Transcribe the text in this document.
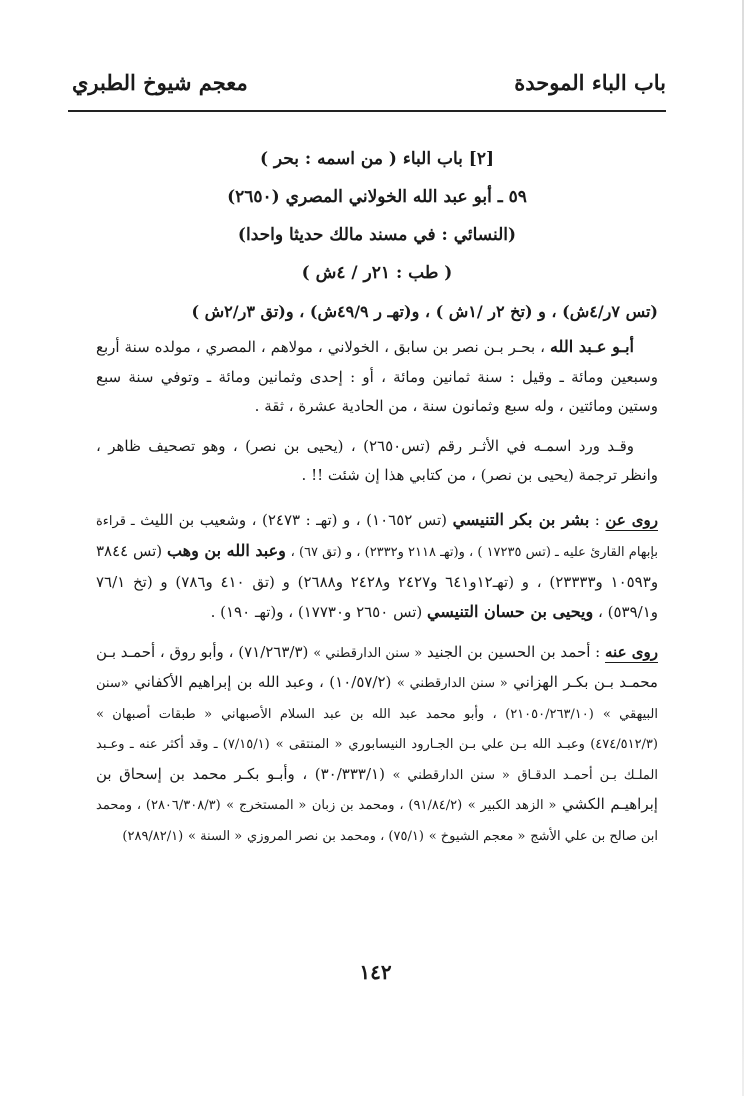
باب الباء الموحدة
معجم شيوخ الطبري
[٢] باب الباء ( من اسمه : بحر )
٥٩ ـ أبو عبد الله الخولاني المصري (٢٦٥٠)
(النسائي : في مسند مالك حديثا واحدا)
( طب : ٢١ر / ٤ش )
(تس ٧ر/٤ش) ، و (تخ ٢ر /١ش ) ، و(تهـ ر ٤٩/٩ش) ، و(تق ٣ر/٢ش )

أبـو عـبد الله ، بحـر بـن نصر بن سابق ، الخولاني ، مولاهم ، المصري ، مولده سنة أربع وسبعين ومائة ـ وقيل : سنة ثمانين ومائة ، أو : إحدى وثمانين ومائة ـ وتوفي سنة سبع وستين ومائتين ، وله سبع وثمانون سنة ، من الحادية عشرة ، ثقة .

وقـد ورد اسمـه في الأثـر رقم (تس٢٦٥٠) ، (يحيى بن نصر) ، وهو تصحيف ظاهر ، وانظر ترجمة (يحيى بن نصر) ، من كتابي هذا إن شئت !! .

روى عن : بشر بن بكر التنيسي (تس ١٠٦٥٢) ، و (تهـ : ٢٤٧٣) ، وشعيب بن الليث ـ قراءة بإبهام القارئ عليه ـ (تس ١٧٢٣٥ ) ، و(تهـ ٢١١٨ و٢٣٣٢) ، و (تق ٦٧) ، وعبد الله بن وهب (تس ٣٨٤٤ و١٠٥٩٣ و٢٣٣٣٣) ، و (تهـ١٢و٦٤١ و٢٤٢٧ و٢٤٢٨ و٢٦٨٨) و (تق ٤١٠ و٧٨٦) و (تخ ٧٦/١ و٥٣٩/١) ، ويحيى بن حسان التنيسي (تس ٢٦٥٠ و١٧٧٣٠) ، و(تهـ ١٩٠) .

روى عنه : أحمد بن الحسين بن الجنيد « سنن الدارقطني » (٧١/٢٦٣/٣) ، وأبو روق ، أحمـد بـن محمـد بـن بكـر الهزاني « سنن الدارقطني » (١٠/٥٧/٢) ، وعبد الله بن إبراهيم الأكفاني «سنن البيهقي » (٢١٠٥٠/٢٦٣/١٠) ، وأبو محمد عبد الله بن عبد السلام الأصبهاني « طبقات أصبهان » (٤٧٤/٥١٢/٣) وعبـد الله بـن علي بـن الجـارود النيسابوري « المنتقى » (٧/١٥/١) ـ وقد أكثر عنه ـ وعـبد الملـك بـن أحمـد الدقـاق « سنن الدارقطني » (٣٠/٣٣٣/١) ، وأبـو بكـر محمد بن إسحاق بن إبراهيـم الكشي « الزهد الكبير » (٩١/٨٤/٢) ، ومحمد بن زبان « المستخرج » (٢٨٠٦/٣٠٨/٣) ، ومحمد ابن صالح بن علي الأشج « معجم الشيوخ » (٧٥/١) ، ومحمد بن نصر المروزي « السنة » (٢٨٩/٨٢/١)

١٤٢
